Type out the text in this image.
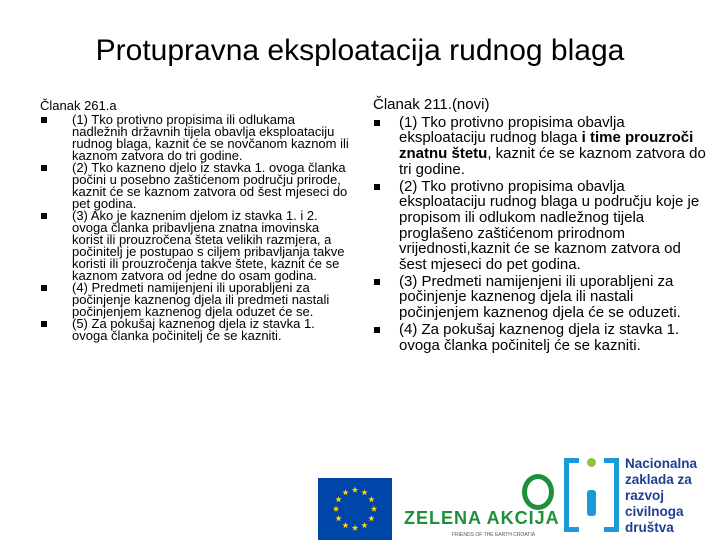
Protupravna eksploatacija rudnog blaga
Članak 261.a
(1) Tko protivno propisima ili odlukama nadležnih državnih tijela obavlja eksploataciju rudnog blaga, kaznit će se novčanom kaznom ili kaznom zatvora do tri godine.
(2) Tko kazneno djelo iz stavka 1. ovoga članka počini u posebno zaštićenom području prirode, kaznit će se kaznom zatvora od šest mjeseci do pet godina.
(3) Ako je kaznenim djelom iz stavka 1. i 2. ovoga članka pribavljena znatna imovinska korist ili prouzročena šteta velikih razmjera, a počinitelj je postupao s ciljem pribavljanja takve koristi ili prouzročenja takve štete, kaznit će se kaznom zatvora od jedne do osam godina.
(4) Predmeti namijenjeni ili uporabljeni za počinjenje kaznenog djela ili predmeti nastali počinjenjem kaznenog djela oduzet će se.
(5) Za pokušaj kaznenog djela iz stavka 1. ovoga članka počinitelj će se kazniti.
Članak 211.(novi)
(1) Tko protivno propisima obavlja eksploataciju rudnog blaga i time prouzroči znatnu štetu, kaznit će se kaznom zatvora do tri godine.
(2) Tko protivno propisima obavlja eksploataciju rudnog blaga u području koje je propisom ili odlukom nadležnog tijela proglašeno zaštićenom prirodnom vrijednosti,kaznit će se kaznom zatvora od šest mjeseci do pet godina.
(3) Predmeti namijenjeni ili uporabljeni za počinjenje kaznenog djela ili nastali počinjenjem kaznenog djela će se oduzeti.
(4) Za pokušaj kaznenog djela iz stavka 1. ovoga članka počinitelj će se kazniti.
ZELENA AKCIJA
FRIENDS OF THE EARTH CROATIA
Nacionalna
zaklada za
razvoj
civilnoga
društva
